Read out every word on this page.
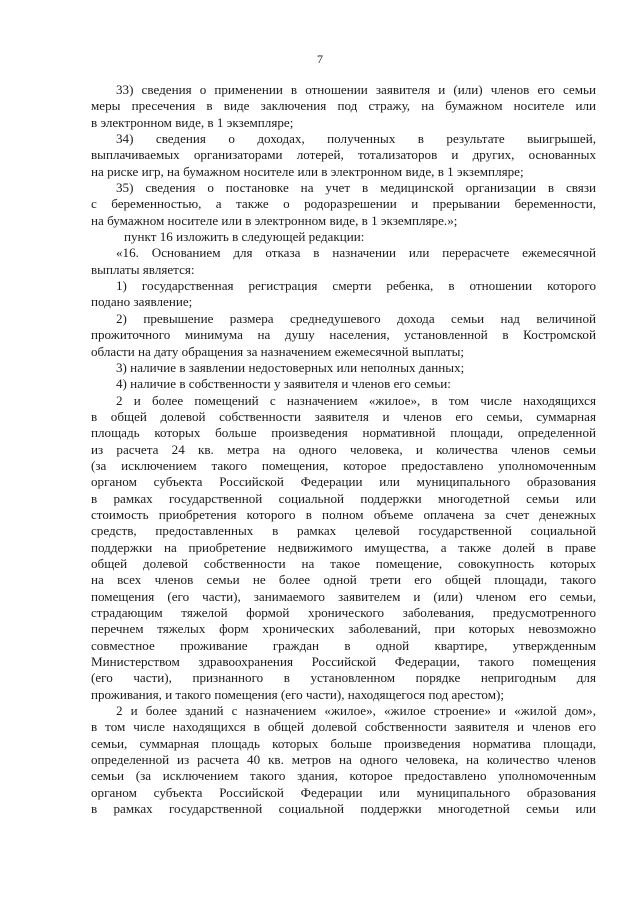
7
33) сведения о применении в отношении заявителя и (или) членов его семьи
меры пресечения в виде заключения под стражу, на бумажном носителе или
в электронном виде, в 1 экземпляре;
34) сведения о доходах, полученных в результате выигрышей,
выплачиваемых организаторами лотерей, тотализаторов и других, основанных
на риске игр, на бумажном носителе или в электронном виде, в 1 экземпляре;
35) сведения о постановке на учет в медицинской организации в связи
с беременностью, а также о родоразрешении и прерывании беременности,
на бумажном носителе или в электронном виде, в 1 экземпляре.»;
пункт 16 изложить в следующей редакции:
«16. Основанием для отказа в назначении или перерасчете ежемесячной
выплаты является:
1) государственная регистрация смерти ребенка, в отношении которого
подано заявление;
2) превышение размера среднедушевого дохода семьи над величиной
прожиточного минимума на душу населения, установленной в Костромской
области на дату обращения за назначением ежемесячной выплаты;
3) наличие в заявлении недостоверных или неполных данных;
4) наличие в собственности у заявителя и членов его семьи:
2 и более помещений с назначением «жилое», в том числе находящихся
в общей долевой собственности заявителя и членов его семьи, суммарная
площадь которых больше произведения нормативной площади, определенной
из расчета 24 кв. метра на одного человека, и количества членов семьи
(за исключением такого помещения, которое предоставлено уполномоченным
органом субъекта Российской Федерации или муниципального образования
в рамках государственной социальной поддержки многодетной семьи или
стоимость приобретения которого в полном объеме оплачена за счет денежных
средств, предоставленных в рамках целевой государственной социальной
поддержки на приобретение недвижимого имущества, а также долей в праве
общей долевой собственности на такое помещение, совокупность которых
на всех членов семьи не более одной трети его общей площади, такого
помещения (его части), занимаемого заявителем и (или) членом его семьи,
страдающим тяжелой формой хронического заболевания, предусмотренного
перечнем тяжелых форм хронических заболеваний, при которых невозможно
совместное проживание граждан в одной квартире, утвержденным
Министерством здравоохранения Российской Федерации, такого помещения
(его части), признанного в установленном порядке непригодным для
проживания, и такого помещения (его части), находящегося под арестом);
2 и более зданий с назначением «жилое», «жилое строение» и «жилой дом»,
в том числе находящихся в общей долевой собственности заявителя и членов его
семьи, суммарная площадь которых больше произведения норматива площади,
определенной из расчета 40 кв. метров на одного человека, на количество членов
семьи (за исключением такого здания, которое предоставлено уполномоченным
органом субъекта Российской Федерации или муниципального образования
в рамках государственной социальной поддержки многодетной семьи или
